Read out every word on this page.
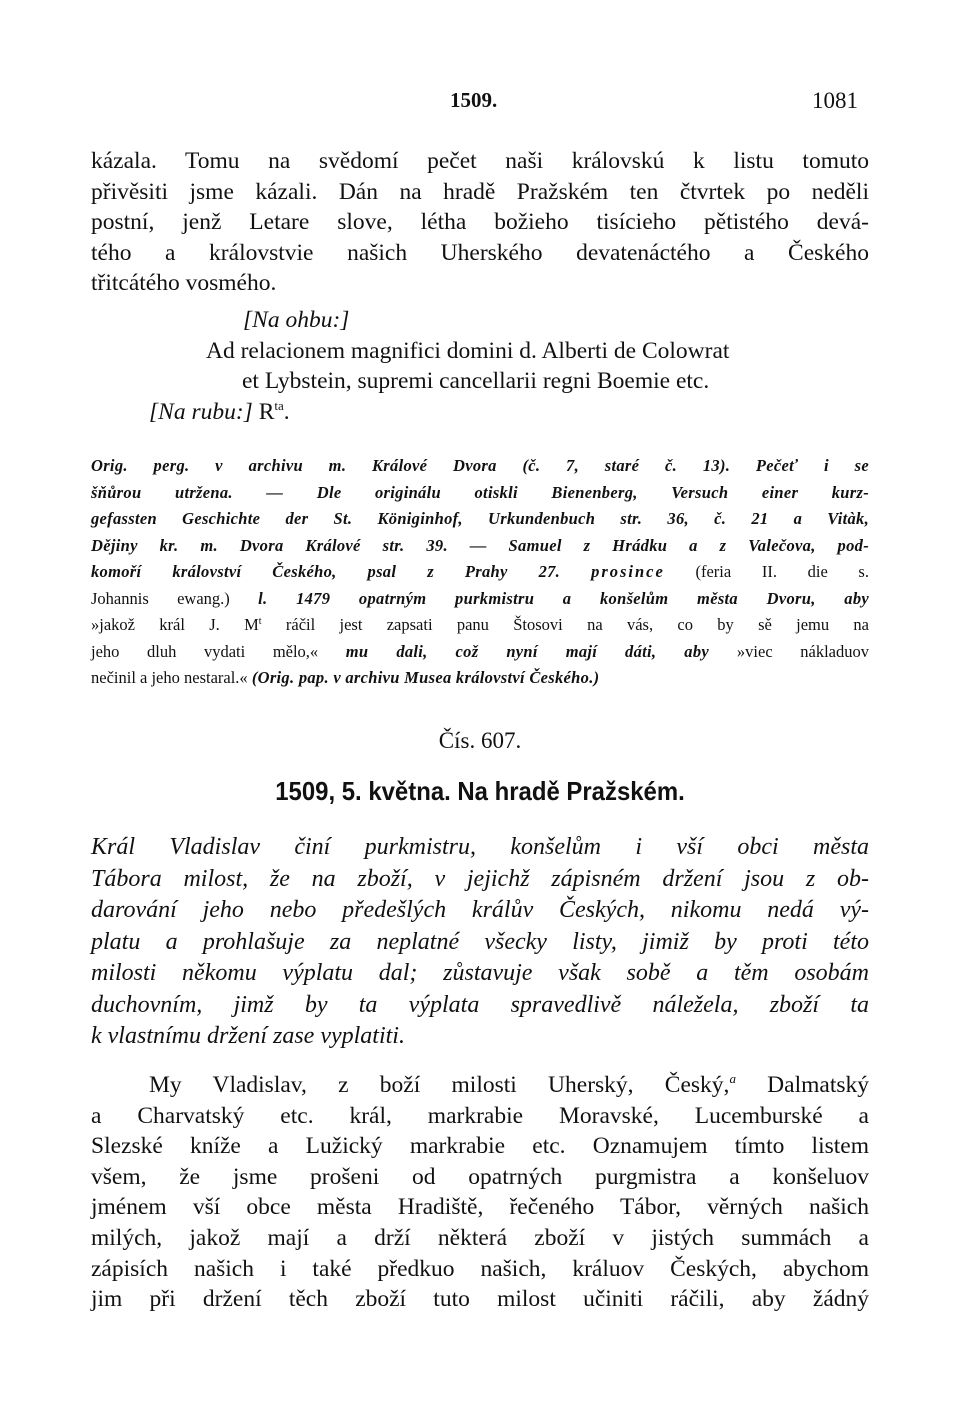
1509.	1081
kázala. Tomu na svědomí pečet naši královskú k listu tomuto
přivěsiti jsme kázali. Dán na hradě Pražském ten čtvrtek po neděli
postní, jenž Letare slove, létha božieho tisícieho pětistého devá-
tého a královstvie našich Uherského devatenáctého a Českého
třitcátého vosmého.
[Na ohbu:]
Ad relacionem magnifici domini d. Alberti de Colowrat
et Lybstein, supremi cancellarii regni Boemie etc.
[Na rubu:] $R^{ta}$.
Orig. perg. v archivu m. Králové Dvora (č. 7, staré č. 13). Pečeť i se
šňůrou utržena. — Dle originálu otiskli Bienenberg, Versuch einer kurz-
gefassten Geschichte der St. Königinhof, Urkundenbuch str. 36, č. 21 a Vitàk,
Dějiny kr. m. Dvora Králové str. 39. — Samuel z Hrádku a z Valečova, pod-
komoří království Českého, psal z Prahy 27. prosince (feria II. die s.
Johannis ewang.) l. 1479 opatrným purkmistru a konšelům města Dvoru, aby
»jakož král J. $M^t$ ráčil jest zapsati panu Štosovi na vás, co by sě jemu na
jeho dluh vydati mělo,« mu dali, což nyní mají dáti, aby »viec nákladuov
nečinil a jeho nestaral.« (Orig. pap. v archivu Musea království Českého.)
Čís. 607.
1509, 5. května. Na hradě Pražském.
Král Vladislav činí purkmistru, konšelům i vší obci města
Tábora milost, že na zboží, v jejichž zápisném držení jsou z ob-
darování jeho nebo předešlých králův Českých, nikomu nedá vý-
platu a prohlašuje za neplatné všecky listy, jimiž by proti této
milosti někomu výplatu dal; zůstavuje však sobě a těm osobám
duchovním, jimž by ta výplata spravedlivě náležela, zboží ta
k vlastnímu držení zase vyplatiti.
My Vladislav, z boží milosti Uherský, Český,$^a$ Dalmatský
a Charvatský etc. král, markrabie Moravské, Lucemburské a
Slezské kníže a Lužický markrabie etc. Oznamujem tímto listem
všem, že jsme prošeni od opatrných purgmistra a konšeluov
jménem vší obce města Hradiště, řečeného Tábor, věrných našich
milých, jakož mají a drží některá zboží v jistých summách a
zápisích našich i také předkuo našich, králuov Českých, abychom
jim při držení těch zboží tuto milost učiniti ráčili, aby žádný
